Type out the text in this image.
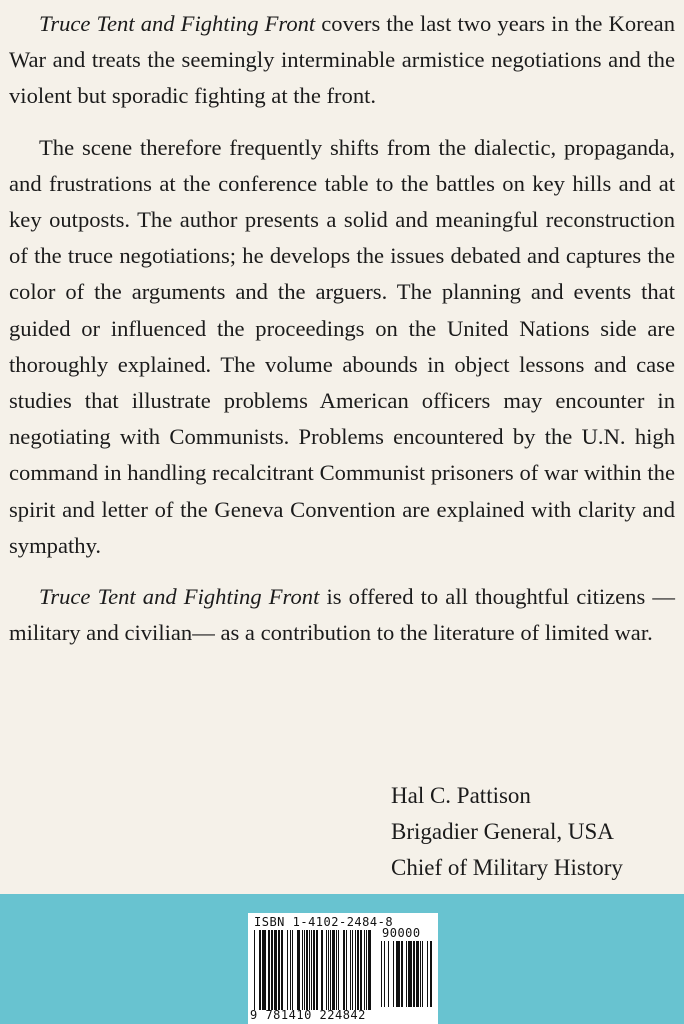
Truce Tent and Fighting Front covers the last two years in the Korean War and treats the seemingly interminable armistice negotiations and the violent but sporadic fighting at the front.

The scene therefore frequently shifts from the dialectic, propaganda, and frustrations at the conference table to the battles on key hills and at key outposts. The author presents a solid and meaningful reconstruction of the truce negotiations; he develops the issues debated and captures the color of the arguments and the arguers. The planning and events that guided or influenced the proceedings on the United Nations side are thoroughly explained. The volume abounds in object lessons and case studies that illustrate problems American officers may encounter in negotiating with Communists. Problems encountered by the U.N. high command in handling recalcitrant Communist prisoners of war within the spirit and letter of the Geneva Convention are explained with clarity and sympathy.

Truce Tent and Fighting Front is offered to all thoughtful citizens —military and civilian— as a contribution to the literature of limited war.

Hal C. Pattison
Brigadier General, USA
Chief of Military History
ISBN 1-4102-2484-8
90000
9 781410 224842
